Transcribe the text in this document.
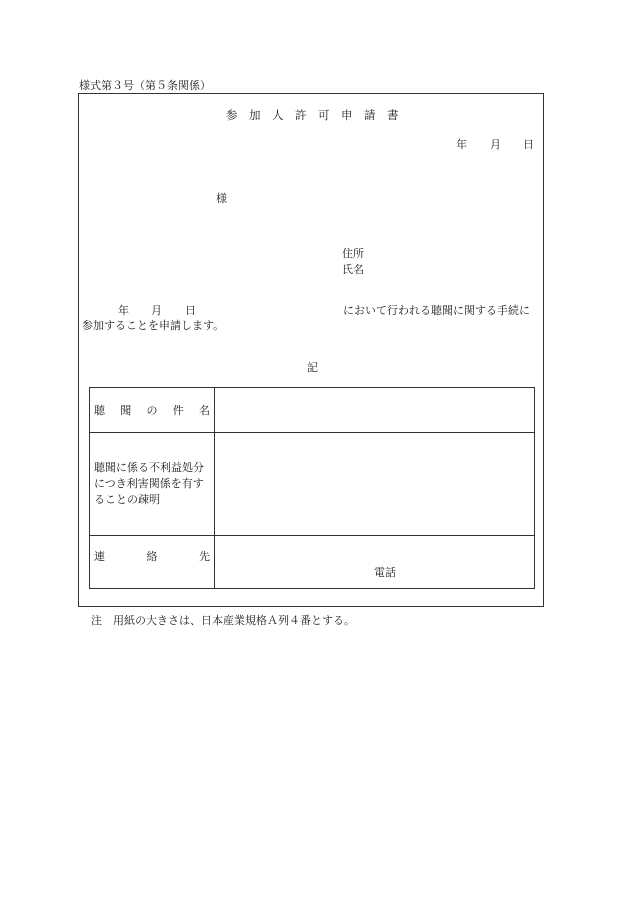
様式第３号（第５条関係）
参　加　人　許　可　申　請　書
年 月 日
様
住所
氏名
年 月 日	において行われる聴聞に関する手続に
参加することを申請します。
記
聴 聞 の 件 名	

聴聞に係る不利益処分につき利害関係を有することの疎明	

連 絡 先	電話
注　用紙の大きさは、日本産業規格Ａ列４番とする。
